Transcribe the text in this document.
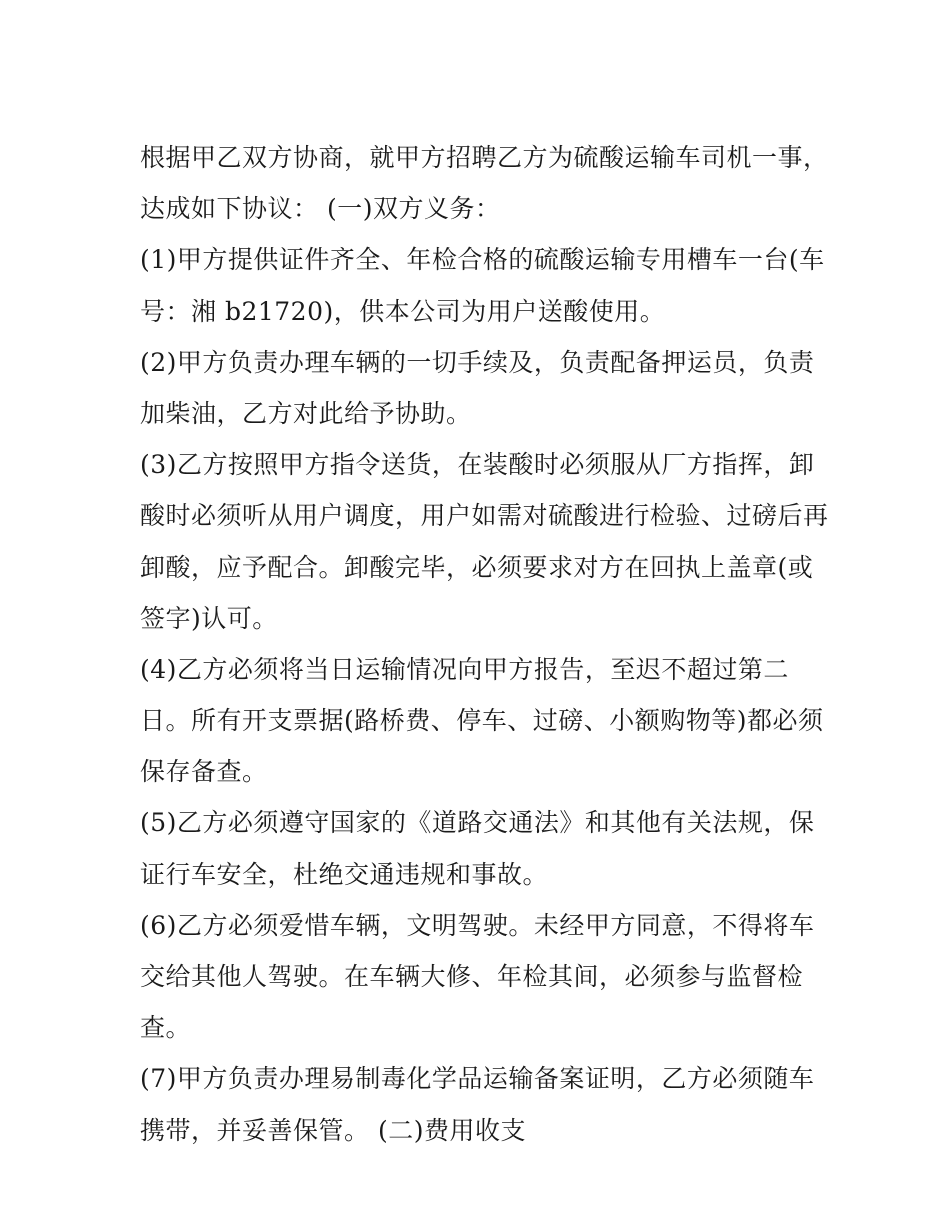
根据甲乙双方协商，就甲方招聘乙方为硫酸运输车司机一事，
达成如下协议： (一)双方义务：
(1)甲方提供证件齐全、年检合格的硫酸运输专用槽车一台(车
号：湘 b21720)，供本公司为用户送酸使用。
(2)甲方负责办理车辆的一切手续及，负责配备押运员，负责
加柴油，乙方对此给予协助。
(3)乙方按照甲方指令送货，在装酸时必须服从厂方指挥，卸
酸时必须听从用户调度，用户如需对硫酸进行检验、过磅后再
卸酸，应予配合。卸酸完毕，必须要求对方在回执上盖章(或
签字)认可。
(4)乙方必须将当日运输情况向甲方报告，至迟不超过第二
日。所有开支票据(路桥费、停车、过磅、小额购物等)都必须
保存备查。
(5)乙方必须遵守国家的《道路交通法》和其他有关法规，保
证行车安全，杜绝交通违规和事故。
(6)乙方必须爱惜车辆，文明驾驶。未经甲方同意，不得将车
交给其他人驾驶。在车辆大修、年检其间，必须参与监督检
查。
(7)甲方负责办理易制毒化学品运输备案证明，乙方必须随车
携带，并妥善保管。 (二)费用收支
